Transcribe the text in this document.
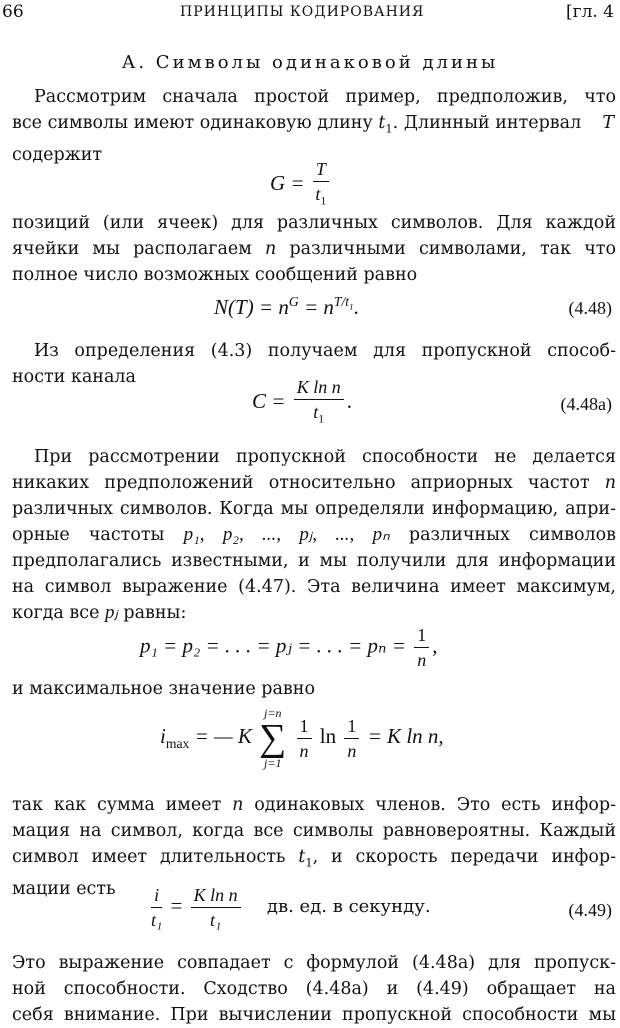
66	ПРИНЦИПЫ КОДИРОВАНИЯ	[гл. 4
А. Символы одинаковой длины
Рассмотрим сначала простой пример, предположив, что
все символы имеют одинаковую длину $t_1$. Длинный интервал T
содержит
$G = \frac{T}{t_1}$
позиций (или ячеек) для различных символов. Для каждой
ячейки мы располагаем n различными символами, так что
полное число возможных сообщений равно
$N(T) = n^G = n^{T/t_1}$.	(4.48)
Из определения (4.3) получаем для пропускной способ-
ности канала
$C = \frac{\text{K ln n}}{t_1}$ .	(4.48a)
При рассмотрении пропускной способности не делается
никаких предположений относительно априорных частот n
различных символов. Когда мы определяли информацию, апри-
орные частоты p₁, p₂, ..., pⱼ, ..., pₙ различных символов
предполагались известными, и мы получили для информации
на символ выражение (4.47). Эта величина имеет максимум,
когда все pⱼ равны:
p₁ = p₂ = . . . = pⱼ = . . . = $p_n = \frac{1}{n}$ ,
и максимальное значение равно
$i_{max}$ = — K
j=n
∑
j=1

$\frac{1}{n}$ $\ln \frac{1}{n} = K$ ln n,
так как сумма имеет n одинаковых членов. Это есть инфор-
мация на символ, когда все символы равновероятны. Каждый
символ имеет длительность $t_1$, и скорость передачи инфор-
мации есть	$\frac{i}{\text{t₁}} = \frac{\text{K ln n}}{\text{t₁}}$ дв. ед. в секунду.	(4.49)
Это выражение совпадает с формулой (4.48а) для пропуск-
ной способности. Сходство (4.48а) и (4.49) обращает на
себя внимание. При вычислении пропускной способности мы
